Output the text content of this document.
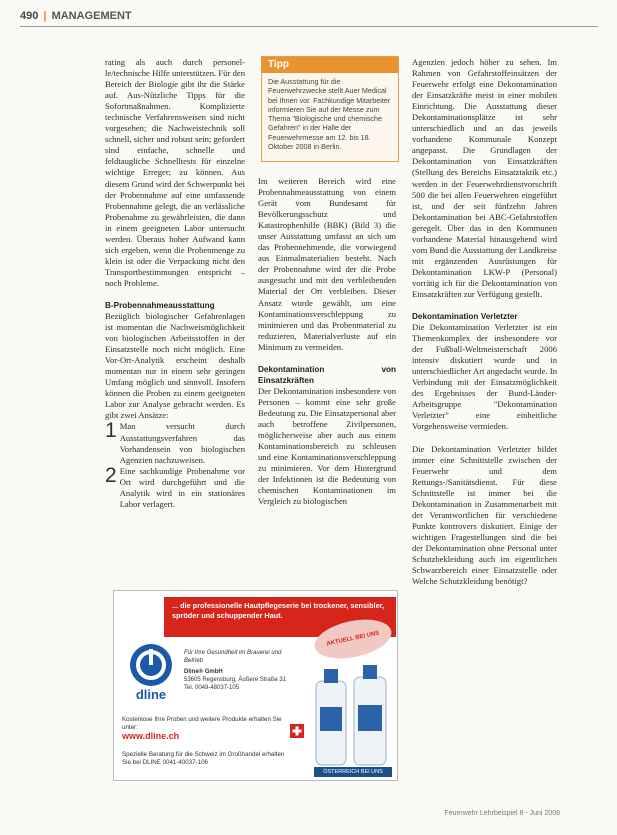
490 | MANAGEMENT

rating als auch durch personel-le/technische Hilfe unterstützen. Für den Bereich der Biologie gibt ihr die Stärke auf. Aus-Nützliche Tipps für die Sofortmaßnahmen. Komplizierte technische Verfahrensweisen sind nicht vorgesehen; die Nachweistechnik soll schnell, sicher und robust sein; gefordert sind einfache, schnelle und feldtaugliche Schnelltests für einzelne wichtige Erreger; zu können. Aus diesem Grund wird der Schwerpunkt bei der Probennahme auf eine umfassende Probennahme gelegt, die an verlässliche Probenahme zu gewährleisten, die dann in einem geeigneten Labor untersucht werden. Überaus hoher Aufwand kann sich ergeben, wenn die Probenmenge zu klein ist oder die Verpackung nicht den Transportbestimmungen entspricht – noch Probleme.

B-Probennahmeausstattung

Bezüglich biologischer Gefahrenlagen ist momentan die Nachweismöglichkeit von biologischen Arbeitsstoffen in der Einsatzstelle noch nicht möglich. Eine Vor-Ort-Analytik erscheint deshalb momentan nur in einem sehr geringen Umfang möglich und sinnvoll. Insofern können die Proben zu einem geeigneten Labor zur Analyse gebracht werden. Es gibt zwei Ansätze:

1 Man versucht durch Ausstattungsverfahren das Vorhandensein von biologischen Agenzien nachzuweisen.

2 Eine sachkundige Probenahme vor Ort wird durchgeführt und die Analytik wird in ein stationäres Labor verlagert.

Tipp
Die Ausstattung für die Feuerwehrzwecke stellt Auer Medical bei Ihnen vor. Fachkundige Mitarbeiter informieren Sie auf der Messe zum Thema "Biologische und chemische Gefahren" in der Halle der Feuerwehrmesse am 12. bis 18. Oktober 2008 in Berlin.

Im weiteren Bereich wird eine Probennahmeausstattung von einem Gerät vom Bundesamt für Bevölkerungsschutz und Katastrophenhilfe (BBK) (Bild 3) die unser Ausstattung umfasst an sich um das Probennehmende, die vorwiegend aus Einmalmaterialien besteht. Nach der Probennahme wird der die Probe ausgesucht und mit den verbleibenden Material der Ort verbleiben. Dieser Ansatz wurde gewählt, um eine Kontaminationsverschleppung zu minimieren und das Probenmaterial zu reduzieren, Materialverluste auf ein Minimum zu vermeiden.

Dekontamination von Einsatzkräften

Der Dekontamination insbesondere von Personen – kommt eine sehr große Bedeutung zu. Die Einsatzpersonal aber auch betroffene Zivilpersonen, möglicherweise aber auch aus einem Kontaminationsbereich zu schleusen und eine Kontaminationsverschleppung zu minimieren. Vor dem Hintergrund der Infektionen ist die Bedeutung von chemischen Kontaminationen im Vergleich zu biologischen

Agenzien jedoch höher zu sehen. Im Rahmen von Gefahrstoffeinsätzen der Feuerwehr erfolgt eine Dekontamination der Einsatzkräfte meist in einer mobilen Einrichtung. Die Ausstattung dieser Dekontaminationsplätze ist sehr unterschiedlich und an das jeweils vorhandene Kommunale Konzept angepasst. Die Grundlagen der Dekontamination von Einsatzkräften (Stellung des Bereichs Einsatztaktik etc.) werden in der Feuerwehrdienstvorschrift 500 die bei allen Feuerwehren eingeführt ist, und der seit fünfzehn Jahren Dekontamination bei ABC-Gefahrstoffen geregelt. Über das in den Kommunen vorhandene Material hinausgehend wird vom Bund die Ausstattung der Landkreise mit ergänzenden Ausrüstungen für Dekontamination LKW-P (Personal) vorrätig ich für die Dekontamination von Einsatzkräften zur Verfügung gestellt.

Dekontamination Verletzter

Die Dekontamination Verletzter ist ein Themenkomplex der insbesondere vor der Fußball-Weltmeisterschaft 2006 intensiv diskutiert wurde und in unterschiedlicher Art angedacht wurde. In Verbindung mit der Einsatzmöglichkeit des Ergebnisses der Bund-Länder-Arbeitsgruppe "Dekontamination Verletzter" eine einheitliche Vorgehensweise vermieden.

Die Dekontamination Verletzter bildet immer eine Schnittstelle zwischen der Feuerwehr und dem Rettungs-/Sanitätsdienst. Für diese Schnittstelle ist immer bei die Dekontamination in Zusammenarbeit mit der Verantwortlichen für verschiedene Punkte kontrovers diskutiert. Einige der wichtigen Fragestellungen sind die bei der Dekontamination ohne Personal unter Schutzbekleidung auch im eigentlichen Schwarzbereich einer Einsatzstelle oder Welche Schutzkleidung benötigt?

... die professionelle Hautpflegeserie bei trockener, sensibler, spröder und schuppender Haut.
AKTUELL BEI UNS
dline
Für Ihre Gesundheit im Brauerei und Betrieb
Dline® GmbH
53605 Regensburg, Äußere Straße 31
Tel. 0049-48037-105
Kostenlose Ihre Proben und weitere Produkte erhalten Sie unter:
www.dline.ch
Spezielle Beratung für die Schweiz im Großhandel erhalten Sie bei DLINE 0041-40037-106
ÖSTERREICH BEI UNS
Feuerwehr Lehrbeispiel 8 - Juni 2008
